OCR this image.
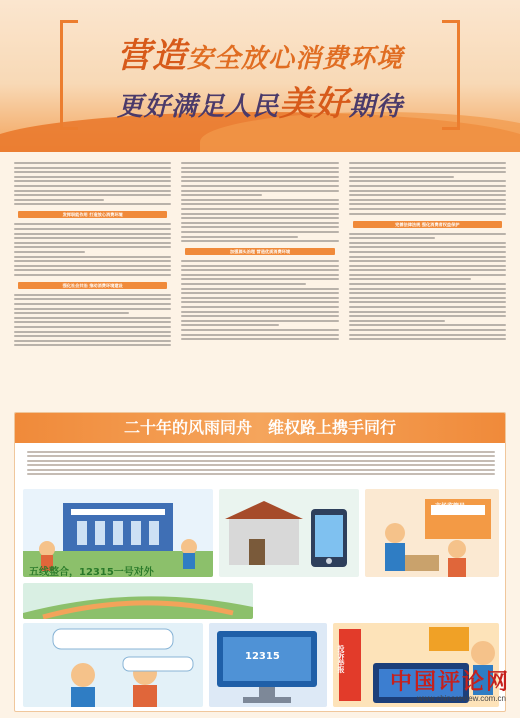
营造安全放心消费环境
更好满足人民美好期待
发挥职能作用 打造放心消费环境
强化社会共治 推动消费环境建设
加强源头治理 营造优质消费环境
完善法律法规 强化消费者权益保护
二十年的风雨同舟　维权路上携手同行
五线整合，12315一号对外
市场监管局
12315	投诉举报
中国评论网
www.chinareview.com.cn
